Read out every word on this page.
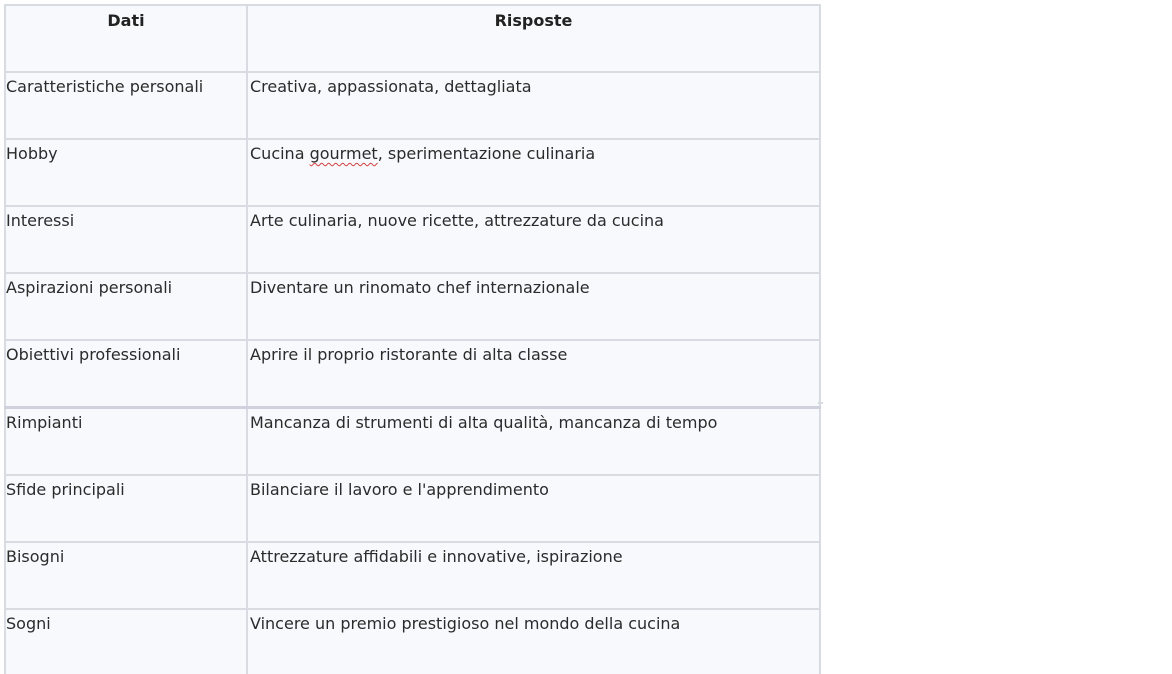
Dati	Risposte
Caratteristiche personali	Creativa, appassionata, dettagliata
Hobby	Cucina gourmet, sperimentazione culinaria
Interessi	Arte culinaria, nuove ricette, attrezzature da cucina
Aspirazioni personali	Diventare un rinomato chef internazionale
Obiettivi professionali	Aprire il proprio ristorante di alta classe
Rimpianti	Mancanza di strumenti di alta qualità, mancanza di tempo
Sfide principali	Bilanciare il lavoro e l'apprendimento
Bisogni	Attrezzature affidabili e innovative, ispirazione
Sogni	Vincere un premio prestigioso nel mondo della cucina
